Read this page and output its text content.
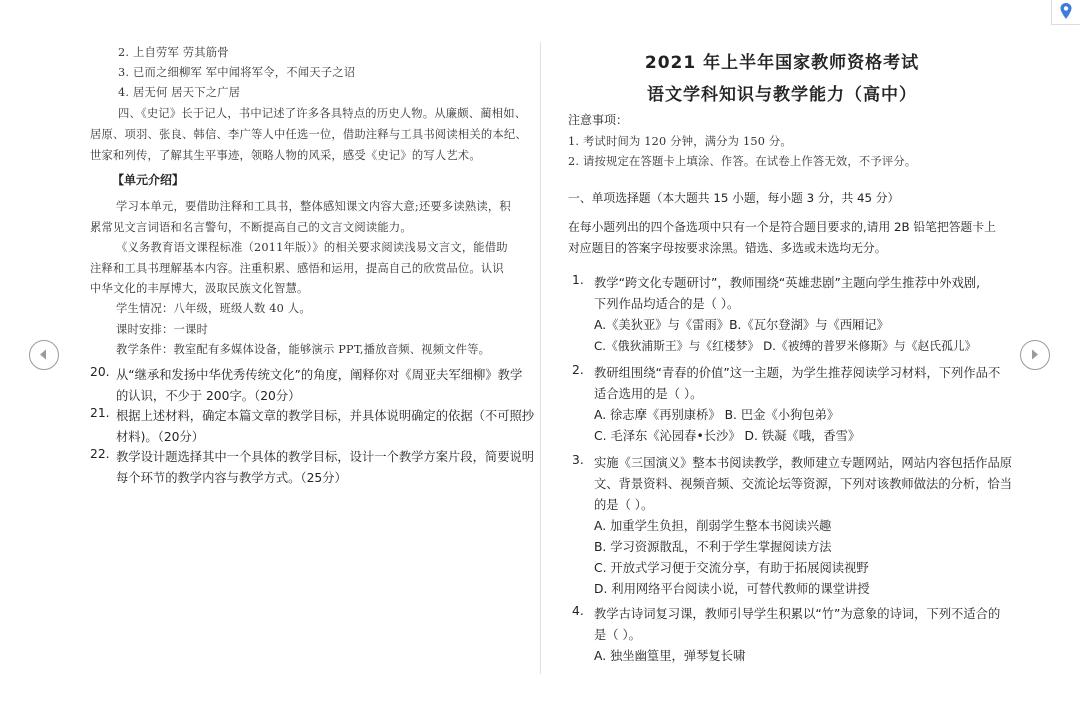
2. 上自劳军 劳其筋骨
3. 已而之细柳军 军中闻将军令，不闻天子之诏
4. 居无何 居天下之广居
四、《史记》长于记人，书中记述了许多各具特点的历史人物。从廉颇、蔺相如、
居原、项羽、张良、韩信、李广等人中任选一位，借助注释与工具书阅读相关的本纪、
世家和列传，了解其生平事迹，领略人物的风采，感受《史记》的写人艺术。
【单元介绍】
学习本单元，要借助注释和工具书，整体感知课文内容大意;还要多读熟读，积
累常见文言词语和名言警句，不断提高自己的文言文阅读能力。
《义务教育语文课程标准（2011年版）》的相关要求阅读浅易文言文，能借助
注释和工具书理解基本内容。注重积累、感悟和运用，提高自己的欣赏品位。认识
中华文化的丰厚博大，汲取民族文化智慧。
学生情况：八年级，班级人数 40 人。
课时安排：一课时
教学条件：教室配有多媒体设备，能够演示 PPT,播放音频、视频文件等。
20. 从“继承和发扬中华优秀传统文化”的角度，阐释你对《周亚夫军细柳》教学
的认识，不少于 200字。（20分）
21. 根据上述材料，确定本篇文章的教学目标，并具体说明确定的依据（不可照抄
材料)。（20分）
22. 教学设计题选择其中一个具体的教学目标，设计一个教学方案片段，简要说明
每个环节的教学内容与教学方式。（25分）
2021 年上半年国家教师资格考试
语文学科知识与教学能力（高中）
注意事项：
1. 考试时间为 120 分钟，满分为 150 分。
2. 请按规定在答题卡上填涂、作答。在试卷上作答无效，不予评分。
一、单项选择题（本大题共 15 小题，每小题 3 分，共 45 分）
在每小题列出的四个备选项中只有一个是符合题目要求的,请用 2B 铅笔把答题卡上
对应题目的答案字母按要求涂黑。错选、多选或未选均无分。
1. 教学“跨文化专题研讨”，教师围绕“英雄悲剧”主题向学生推荐中外戏剧,
下列作品均适合的是（ ）。
A.《美狄亚》与《雷雨》B.《瓦尔登湖》与《西厢记》
C.《俄狄浦斯王》与《红楼梦》 D.《被缚的普罗米修斯》与《赵氏孤儿》
2. 教研组围绕“青春的价值”这一主题，为学生推荐阅读学习材料，下列作品不
适合选用的是（ ）。
A. 徐志摩《再别康桥》 B. 巴金《小狗包弟》
C. 毛泽东《沁园春•长沙》 D. 铁凝《哦，香雪》
3. 实施《三国演义》整本书阅读教学，教师建立专题网站，网站内容包括作品原
文、背景资料、视频音频、交流论坛等资源，下列对该教师做法的分析，恰当
的是（ ）。
A. 加重学生负担，削弱学生整本书阅读兴趣
B. 学习资源散乱，不利于学生掌握阅读方法
C. 开放式学习便于交流分享，有助于拓展阅读视野
D. 利用网络平台阅读小说，可替代教师的课堂讲授
4. 教学古诗词复习课，教师引导学生积累以“竹”为意象的诗词，下列不适合的
是（ ）。
A. 独坐幽篁里，弹琴复长啸
